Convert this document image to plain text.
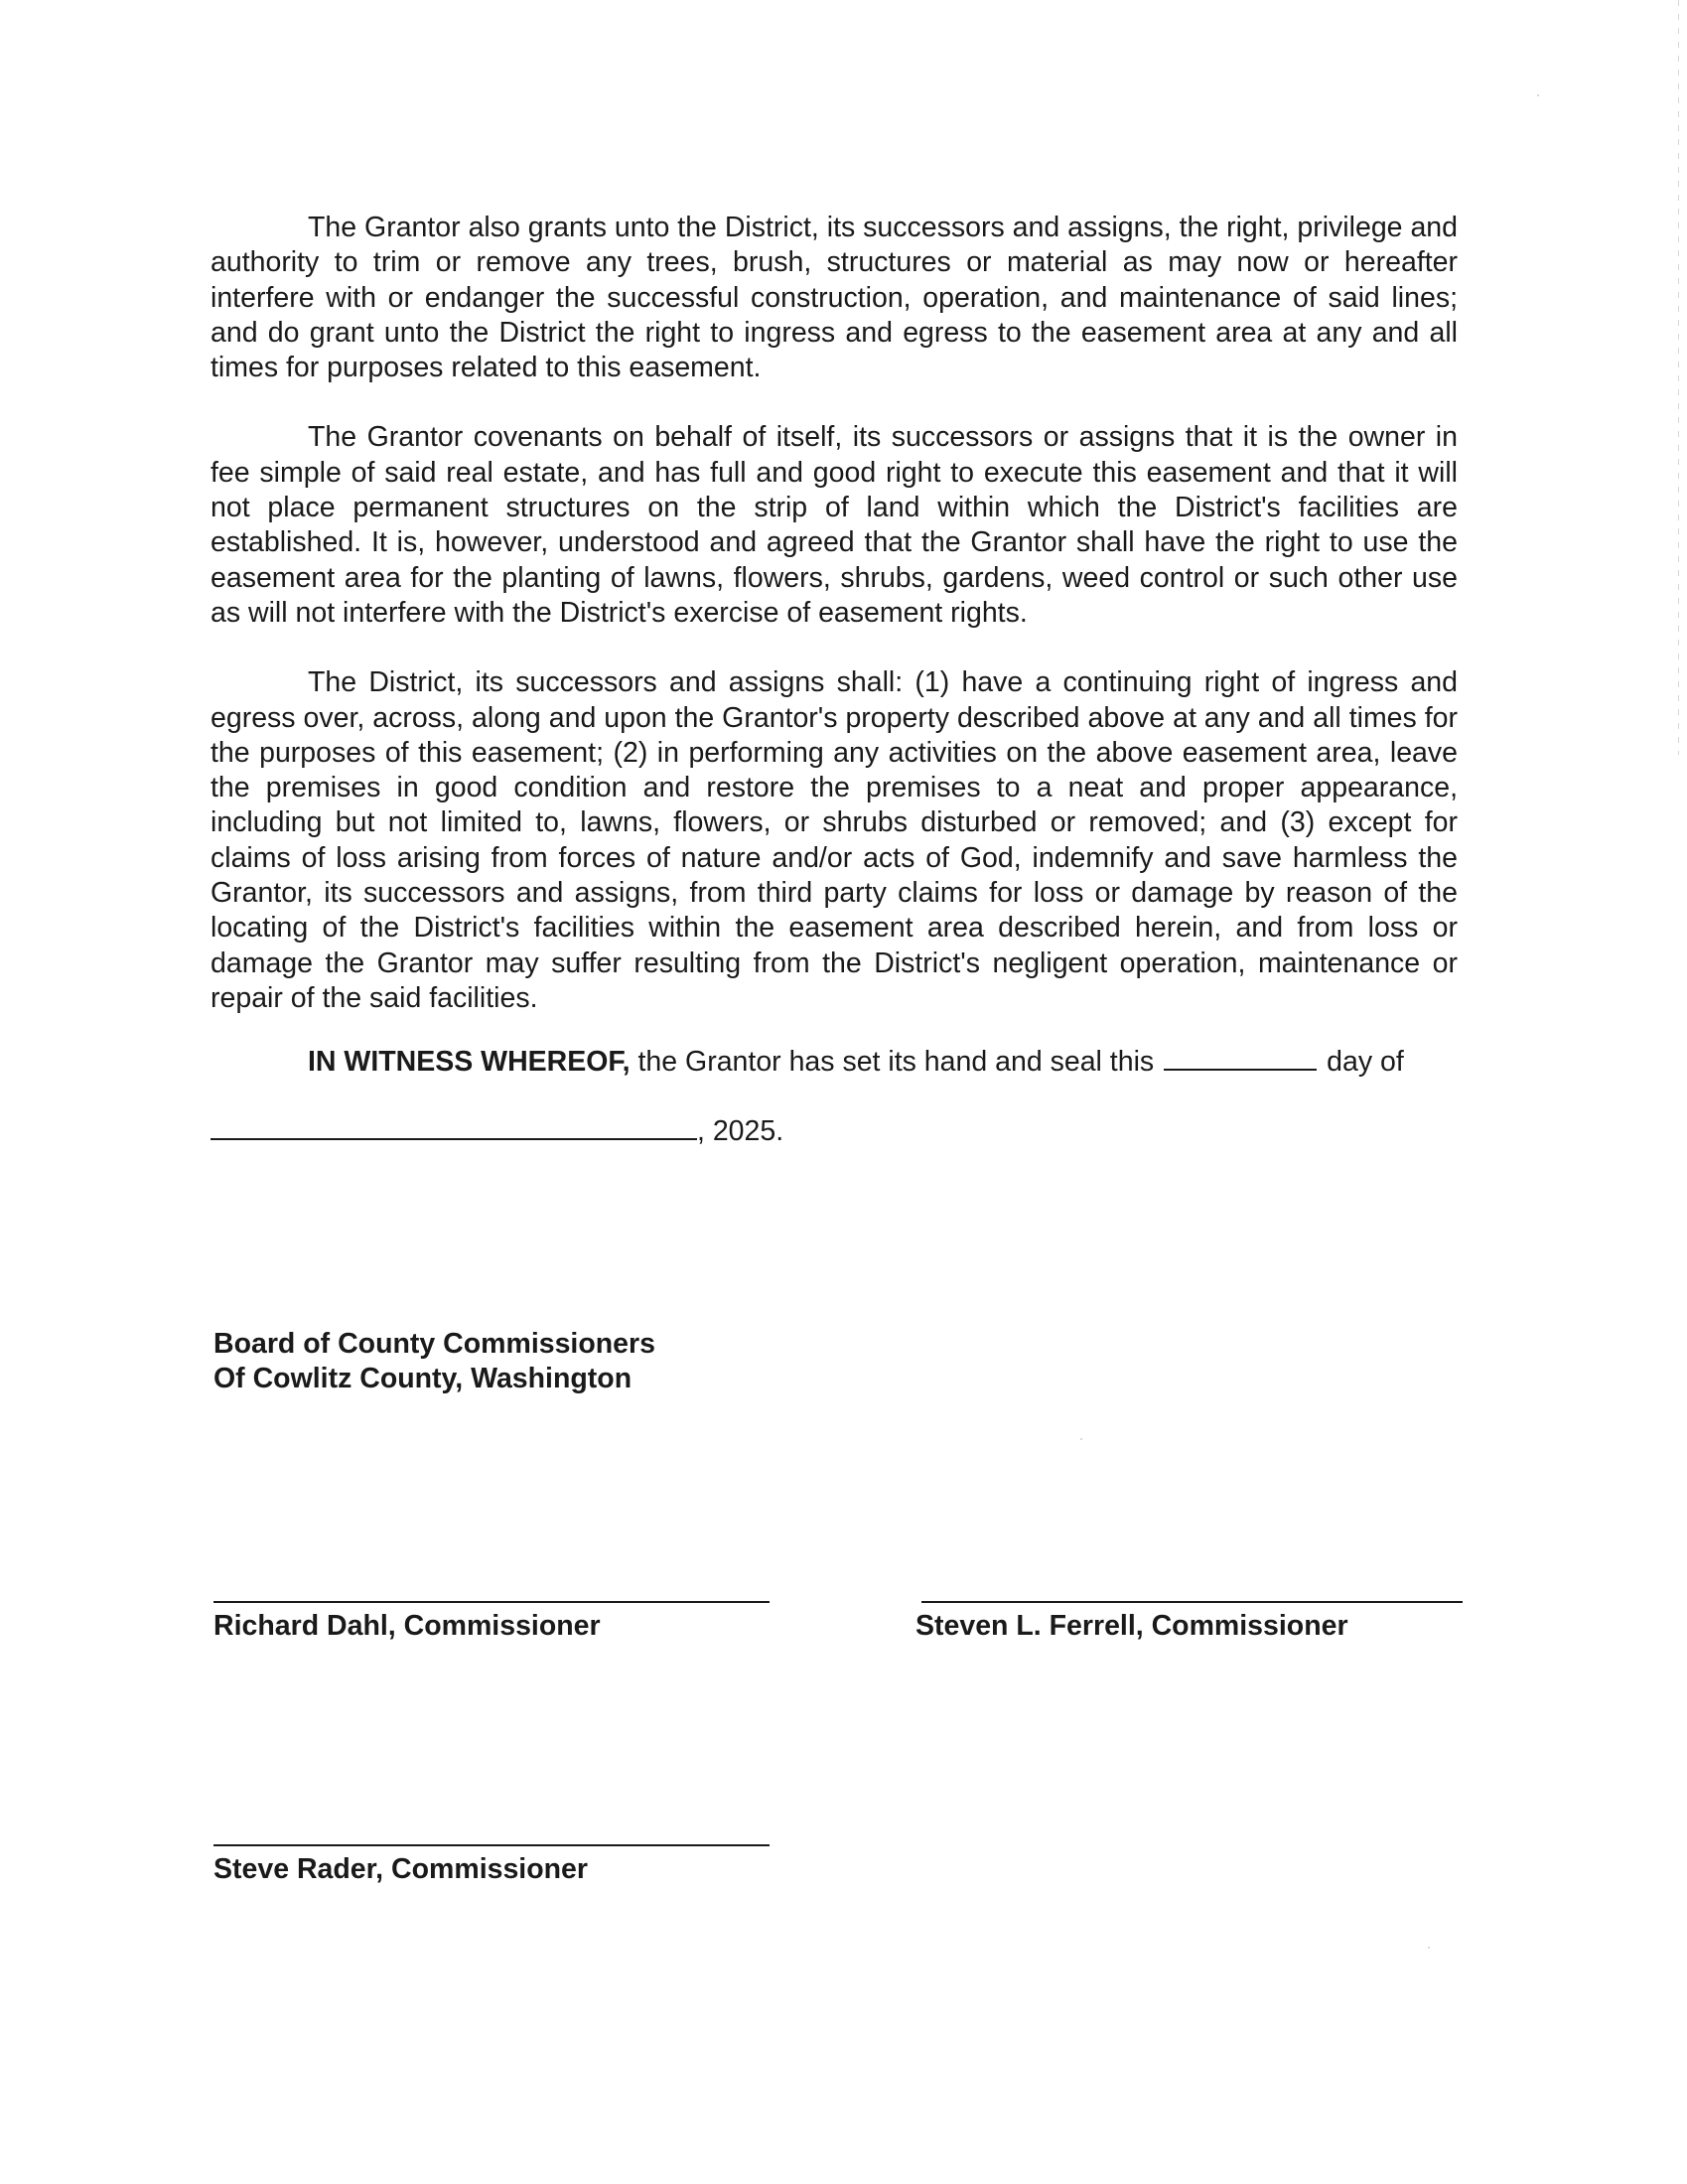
The Grantor also grants unto the District, its successors and assigns, the right, privilege and authority to trim or remove any trees, brush, structures or material as may now or hereafter interfere with or endanger the successful construction, operation, and maintenance of said lines; and do grant unto the District the right to ingress and egress to the easement area at any and all times for purposes related to this easement.

The Grantor covenants on behalf of itself, its successors or assigns that it is the owner in fee simple of said real estate, and has full and good right to execute this easement and that it will not place permanent structures on the strip of land within which the District's facilities are established. It is, however, understood and agreed that the Grantor shall have the right to use the easement area for the planting of lawns, flowers, shrubs, gardens, weed control or such other use as will not interfere with the District's exercise of easement rights.

The District, its successors and assigns shall: (1) have a continuing right of ingress and egress over, across, along and upon the Grantor's property described above at any and all times for the purposes of this easement; (2) in performing any activities on the above easement area, leave the premises in good condition and restore the premises to a neat and proper appearance, including but not limited to, lawns, flowers, or shrubs disturbed or removed; and (3) except for claims of loss arising from forces of nature and/or acts of God, indemnify and save harmless the Grantor, its successors and assigns, from third party claims for loss or damage by reason of the locating of the District's facilities within the easement area described herein, and from loss or damage the Grantor may suffer resulting from the District's negligent operation, maintenance or repair of the said facilities.

IN WITNESS WHEREOF, the Grantor has set its hand and seal this	day of
, 2025.
Board of County Commissioners
Of Cowlitz County, Washington
Richard Dahl, Commissioner	Steven L. Ferrell, Commissioner
Steve Rader, Commissioner
